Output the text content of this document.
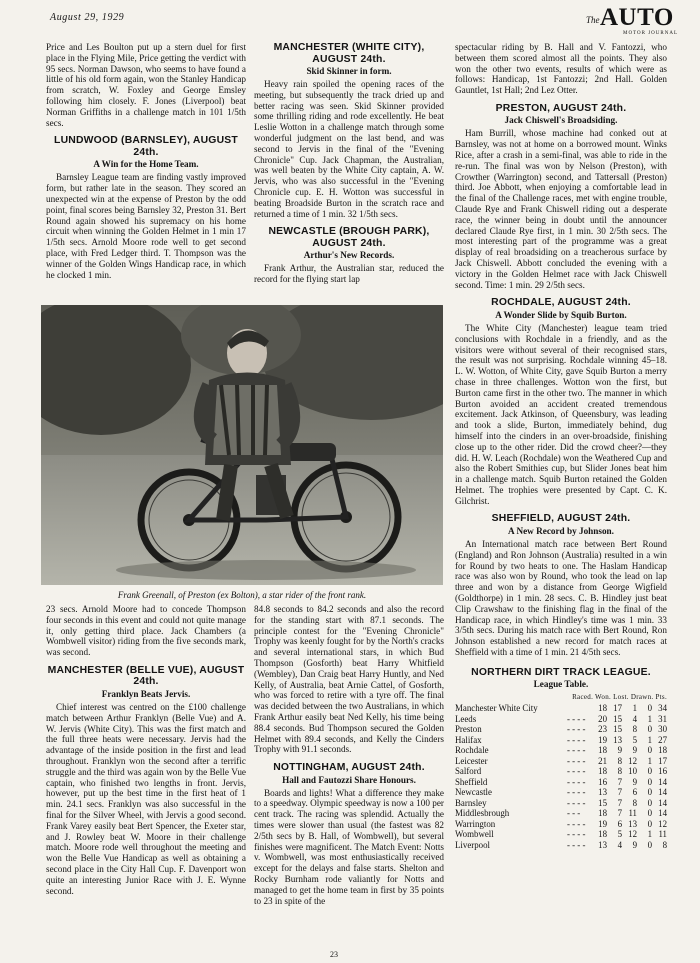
August 29, 1929	The AUTO
MOTOR JOURNAL

Price and Les Boulton put up a stern duel for first place in the Flying Mile, Price getting the verdict with 95 secs. Norman Dawson, who seems to have found a little of his old form again, won the Stanley Handicap from scratch, W. Foxley and George Emsley following him closely. F. Jones (Liverpool) beat Norman Griffiths in a challenge match in 101 1/5th secs.

LUNDWOOD (BARNSLEY), AUGUST 24th.
A Win for the Home Team.

Barnsley League team are finding vastly improved form, but rather late in the season. They scored an unexpected win at the expense of Preston by the odd point, final scores being Barnsley 32, Preston 31. Bert Round again showed his supremacy on his home circuit when winning the Golden Helmet in 1 min 17 1/5th secs. Arnold Moore rode well to get second place, with Fred Ledger third. T. Thompson was the winner of the Golden Wings Handicap race, in which he clocked 1 min.

MANCHESTER (WHITE CITY), AUGUST 24th.
Skid Skinner in form.

Heavy rain spoiled the opening races of the meeting, but subsequently the track dried up and better racing was seen. Skid Skinner provided some thrilling riding and rode excellently. He beat Leslie Wotton in a challenge match through some wonderful judgment on the last bend, and was second to Jervis in the final of the "Evening Chronicle" Cup. Jack Chapman, the Australian, was well beaten by the White City captain, A. W. Jervis, who was also successful in the "Evening Chronicle cup. E. H. Wotton was successful in beating Broadside Burton in the scratch race and returned a time of 1 min. 32 1/5th secs.

NEWCASTLE (BROUGH PARK), AUGUST 24th.
Arthur's New Records.

Frank Arthur, the Australian star, reduced the record for the flying start lap

spectacular riding by B. Hall and V. Fantozzi, who between them scored almost all the points. They also won the other two events, results of which were as follows: Handicap, 1st Fantozzi; 2nd Hall. Golden Gauntlet, 1st Hall; 2nd Lez Otter.

PRESTON, AUGUST 24th.
Jack Chiswell's Broadsiding.

Ham Burrill, whose machine had conked out at Barnsley, was not at home on a borrowed mount. Winks Rice, after a crash in a semi-final, was able to ride in the re-run. The final was won by Nelson (Preston), with Crowther (Warrington) second, and Tattersall (Preston) third. Joe Abbott, when enjoying a comfortable lead in the final of the Challenge races, met with engine trouble, Claude Rye and Frank Chiswell riding out a desperate race, the winner being in doubt until the announcer declared Claude Rye first, in 1 min. 30 2/5th secs. The most interesting part of the programme was a great display of real broadsiding on a treacherous surface by Jack Chiswell. Abbott concluded the evening with a victory in the Golden Helmet race with Jack Chiswell second. Time: 1 min. 29 2/5th secs.

ROCHDALE, AUGUST 24th.
A Wonder Slide by Squib Burton.

The White City (Manchester) league team tried conclusions with Rochdale in a friendly, and as the visitors were without several of their recognised stars, the result was not surprising. Rochdale winning 45–18. L. W. Wotton, of White City, gave Squib Burton a merry chase in three challenges. Wotton won the first, but Burton came first in the other two. The manner in which Burton avoided an accident created tremendous excitement. Jack Atkinson, of Queensbury, was leading and took a slide, Burton, immediately behind, dug himself into the cinders in an over-broadside, finishing close up to the other rider. Did the crowd cheer?—they did. H. W. Leach (Rochdale) won the Weathered Cup and also the Robert Smithies cup, but Slider Jones beat him in a challenge match. Squib Burton retained the Golden Helmet. The trophies were presented by Capt. C. K. Gilchrist.

SHEFFIELD, AUGUST 24th.
A New Record by Johnson.

An International match race between Bert Round (England) and Ron Johnson (Australia) resulted in a win for Round by two heats to one. The Haslam Handicap race was also won by Round, who took the lead on lap three and won by a distance from George Wigfield (Goldthorpe) in 1 min. 28 secs. C. B. Hindley just beat Clip Crawshaw to the finishing flag in the final of the Handicap race, in which Hindley's time was 1 min. 33 3/5th secs. During his match race with Bert Round, Ron Johnson established a new record for match races at Sheffield with a time of 1 min. 21 4/5th secs.

NORTHERN DIRT TRACK LEAGUE.
League Table.
Raced. Won. Lost. Drawn. Pts.
Manchester White City		18	17	1	0	34
Leeds	- - - -	20	15	4	1	31
Preston	- - - -	23	15	8	0	30
Halifax	- - - -	19	13	5	1	27
Rochdale	- - - -	18	9	9	0	18
Leicester	- - - -	21	8	12	1	17
Salford	- - - -	18	8	10	0	16
Sheffield	- - - -	16	7	9	0	14
Newcastle	- - - -	13	7	6	0	14
Barnsley	- - - -	15	7	8	0	14
Middlesbrough	- - -	18	7	11	0	14
Warrington	- - - -	19	6	13	0	12
Wombwell	- - - -	18	5	12	1	11
Liverpool	- - - -	13	4	9	0	8
Frank Greenall, of Preston (ex Bolton), a star rider of the front rank.

23 secs. Arnold Moore had to concede Thompson four seconds in this event and could not quite manage it, only getting third place. Jack Chambers (a Wombwell visitor) riding from the five seconds mark, was second.

MANCHESTER (BELLE VUE), AUGUST 24th.
Franklyn Beats Jervis.

Chief interest was centred on the £100 challenge match between Arthur Franklyn (Belle Vue) and A. W. Jervis (White City). This was the first match and the full three heats were necessary. Jervis had the advantage of the inside position in the first and lead throughout. Franklyn won the second after a terrific struggle and the third was again won by the Belle Vue captain, who finished two lengths in front. Jervis, however, put up the best time in the first heat of 1 min. 24.1 secs. Franklyn was also successful in the final for the Silver Wheel, with Jervis a good second. Frank Varey easily beat Bert Spencer, the Exeter star, and J. Rowley beat W. Moore in their challenge match. Moore rode well throughout the meeting and won the Belle Vue Handicap as well as obtaining a second place in the City Hall Cup. F. Davenport won quite an interesting Junior Race with J. E. Wynne second.

84.8 seconds to 84.2 seconds and also the record for the standing start with 87.1 seconds. The principle contest for the "Evening Chronicle" Trophy was keenly fought for by the North's cracks and several international stars, in which Bud Thompson (Gosforth) beat Harry Whitfield (Wembley), Dan Craig beat Harry Huntly, and Ned Kelly, of Australia, beat Arnie Cattel, of Gosforth, who was forced to retire with a tyre off. The final was decided between the two Australians, in which Frank Arthur easily beat Ned Kelly, his time being 88.4 seconds. Bud Thompson secured the Golden Helmet with 89.4 seconds, and Kelly the Cinders Trophy with 91.1 seconds.

NOTTINGHAM, AUGUST 24th.
Hall and Fautozzi Share Honours.

Boards and lights! What a difference they make to a speedway. Olympic speedway is now a 100 per cent track. The racing was splendid. Actually the times were slower than usual (the fastest was 82 2/5th secs by B. Hall, of Wombwell), but several finishes were magnificent. The Match Event: Notts v. Wombwell, was most enthusiastically received except for the delays and false starts. Shelton and Rocky Burnham rode valiantly for Notts and managed to get the home team in first by 35 points to 23 in spite of the

23
